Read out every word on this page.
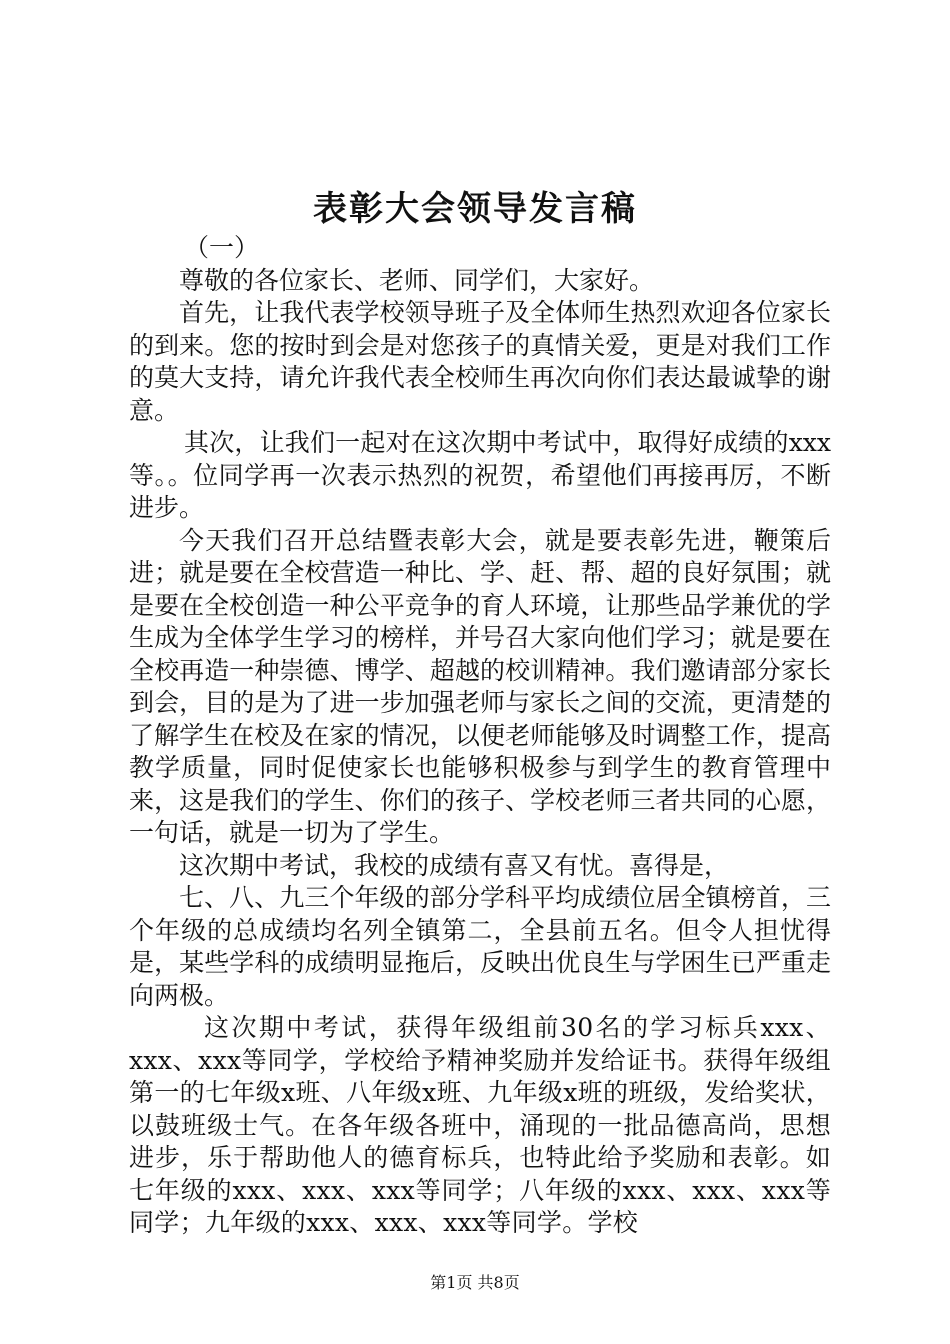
表彰大会领导发言稿

（一）

尊敬的各位家长、老师、同学们，大家好。

首先，让我代表学校领导班子及全体师生热烈欢迎各位家长的到来。您的按时到会是对您孩子的真情关爱，更是对我们工作的莫大支持，请允许我代表全校师生再次向你们表达最诚挚的谢意。

其次，让我们一起对在这次期中考试中，取得好成绩的xxx等。。位同学再一次表示热烈的祝贺，希望他们再接再厉，不断进步。

今天我们召开总结暨表彰大会，就是要表彰先进，鞭策后进；就是要在全校营造一种比、学、赶、帮、超的良好氛围；就是要在全校创造一种公平竞争的育人环境，让那些品学兼优的学生成为全体学生学习的榜样，并号召大家向他们学习；就是要在全校再造一种崇德、博学、超越的校训精神。我们邀请部分家长到会，目的是为了进一步加强老师与家长之间的交流，更清楚的了解学生在校及在家的情况，以便老师能够及时调整工作，提高教学质量，同时促使家长也能够积极参与到学生的教育管理中来，这是我们的学生、你们的孩子、学校老师三者共同的心愿，一句话，就是一切为了学生。

这次期中考试，我校的成绩有喜又有忧。喜得是，

七、八、九三个年级的部分学科平均成绩位居全镇榜首，三个年级的总成绩均名列全镇第二，全县前五名。但令人担忧得是，某些学科的成绩明显拖后，反映出优良生与学困生已严重走向两极。

这次期中考试，获得年级组前30名的学习标兵xxx、xxx、xxx等同学，学校给予精神奖励并发给证书。获得年级组第一的七年级x班、八年级x班、九年级x班的班级，发给奖状，以鼓班级士气。在各年级各班中，涌现的一批品德高尚，思想进步，乐于帮助他人的德育标兵，也特此给予奖励和表彰。如七年级的xxx、xxx、xxx等同学；八年级的xxx、xxx、xxx等同学；九年级的xxx、xxx、xxx等同学。学校

第1页 共8页
